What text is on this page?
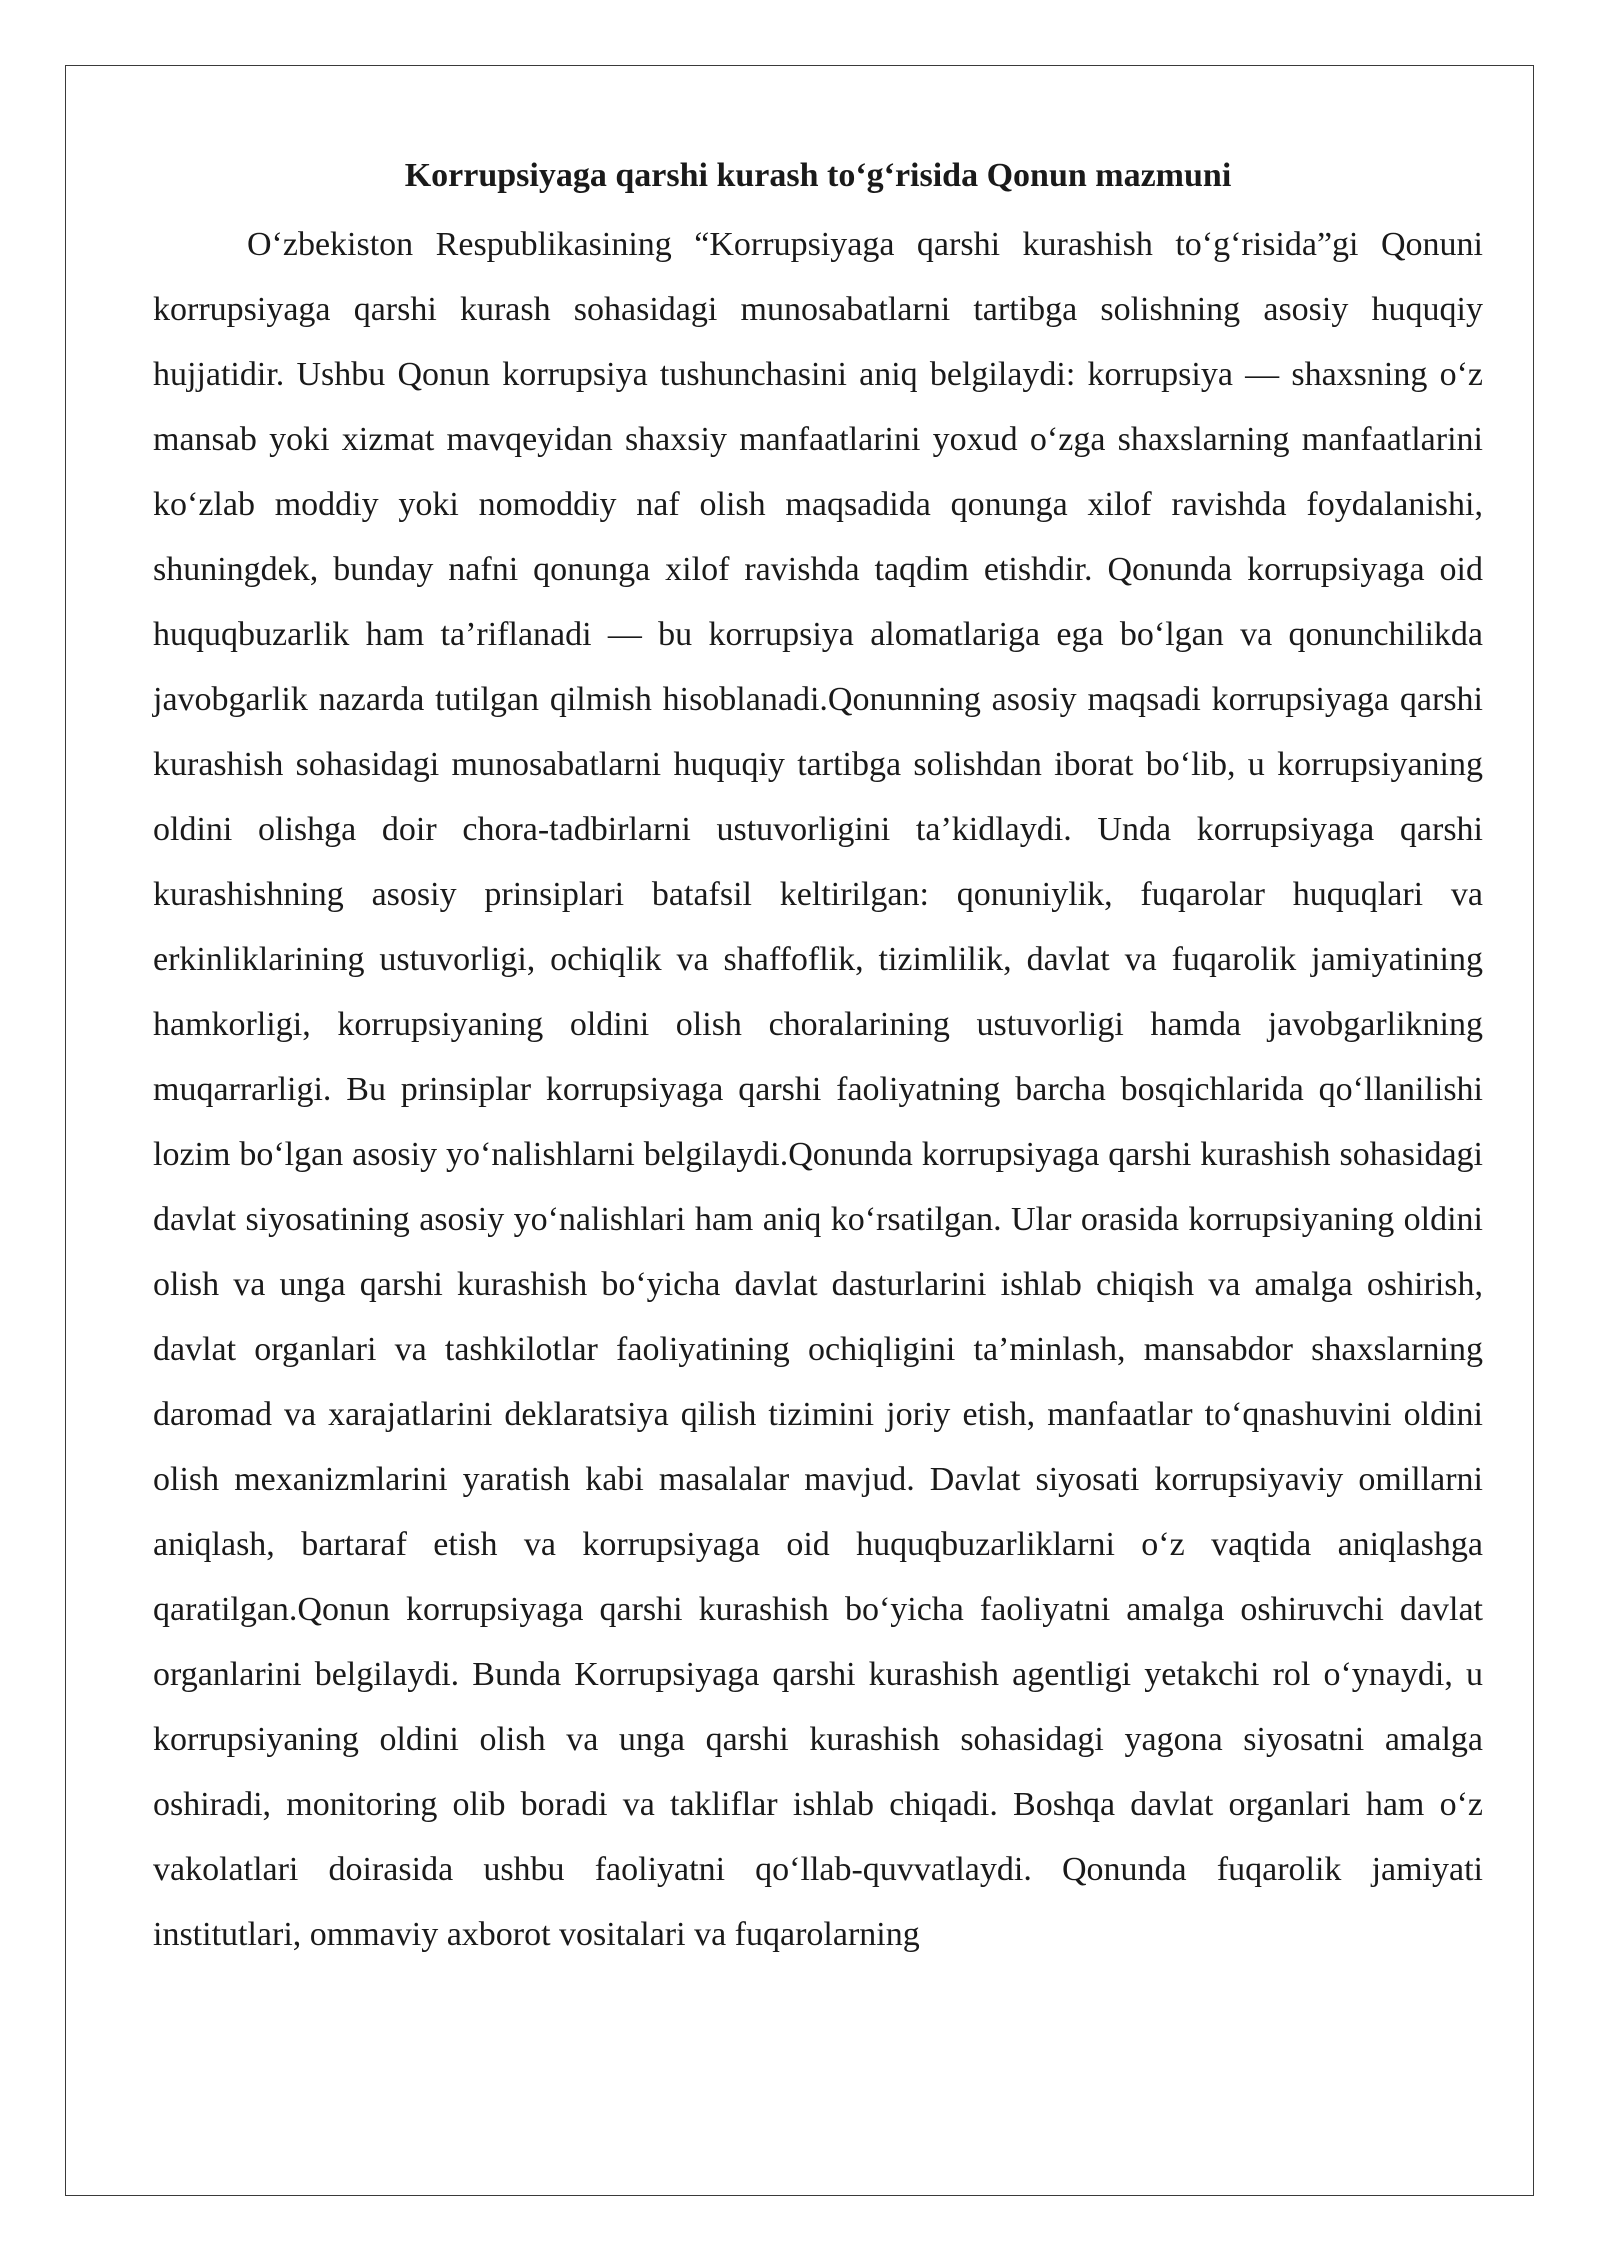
Korrupsiyaga qarshi kurash to‘g‘risida Qonun mazmuni

O‘zbekiston Respublikasining “Korrupsiyaga qarshi kurashish to‘g‘risida”gi Qonuni korrupsiyaga qarshi kurash sohasidagi munosabatlarni tartibga solishning asosiy huquqiy hujjatidir. Ushbu Qonun korrupsiya tushunchasini aniq belgilaydi: korrupsiya — shaxsning o‘z mansab yoki xizmat mavqeyidan shaxsiy manfaatlarini yoxud o‘zga shaxslarning manfaatlarini ko‘zlab moddiy yoki nomoddiy naf olish maqsadida qonunga xilof ravishda foydalanishi, shuningdek, bunday nafni qonunga xilof ravishda taqdim etishdir. Qonunda korrupsiyaga oid huquqbuzarlik ham ta’riflanadi — bu korrupsiya alomatlariga ega bo‘lgan va qonunchilikda javobgarlik nazarda tutilgan qilmish hisoblanadi.Qonunning asosiy maqsadi korrupsiyaga qarshi kurashish sohasidagi munosabatlarni huquqiy tartibga solishdan iborat bo‘lib, u korrupsiyaning oldini olishga doir chora-tadbirlarni ustuvorligini ta’kidlaydi. Unda korrupsiyaga qarshi kurashishning asosiy prinsiplari batafsil keltirilgan: qonuniylik, fuqarolar huquqlari va erkinliklarining ustuvorligi, ochiqlik va shaffoflik, tizimlilik, davlat va fuqarolik jamiyatining hamkorligi, korrupsiyaning oldini olish choralarining ustuvorligi hamda javobgarlikning muqarrarligi. Bu prinsiplar korrupsiyaga qarshi faoliyatning barcha bosqichlarida qo‘llanilishi lozim bo‘lgan asosiy yo‘nalishlarni belgilaydi.Qonunda korrupsiyaga qarshi kurashish sohasidagi davlat siyosatining asosiy yo‘nalishlari ham aniq ko‘rsatilgan. Ular orasida korrupsiyaning oldini olish va unga qarshi kurashish bo‘yicha davlat dasturlarini ishlab chiqish va amalga oshirish, davlat organlari va tashkilotlar faoliyatining ochiqligini ta’minlash, mansabdor shaxslarning daromad va xarajatlarini deklaratsiya qilish tizimini joriy etish, manfaatlar to‘qnashuvini oldini olish mexanizmlarini yaratish kabi masalalar mavjud. Davlat siyosati korrupsiyaviy omillarni aniqlash, bartaraf etish va korrupsiyaga oid huquqbuzarliklarni o‘z vaqtida aniqlashga qaratilgan.Qonun korrupsiyaga qarshi kurashish bo‘yicha faoliyatni amalga oshiruvchi davlat organlarini belgilaydi. Bunda Korrupsiyaga qarshi kurashish agentligi yetakchi rol o‘ynaydi, u korrupsiyaning oldini olish va unga qarshi kurashish sohasidagi yagona siyosatni amalga oshiradi, monitoring olib boradi va takliflar ishlab chiqadi. Boshqa davlat organlari ham o‘z vakolatlari doirasida ushbu faoliyatni qo‘llab-quvvatlaydi. Qonunda fuqarolik jamiyati institutlari, ommaviy axborot vositalari va fuqarolarning
